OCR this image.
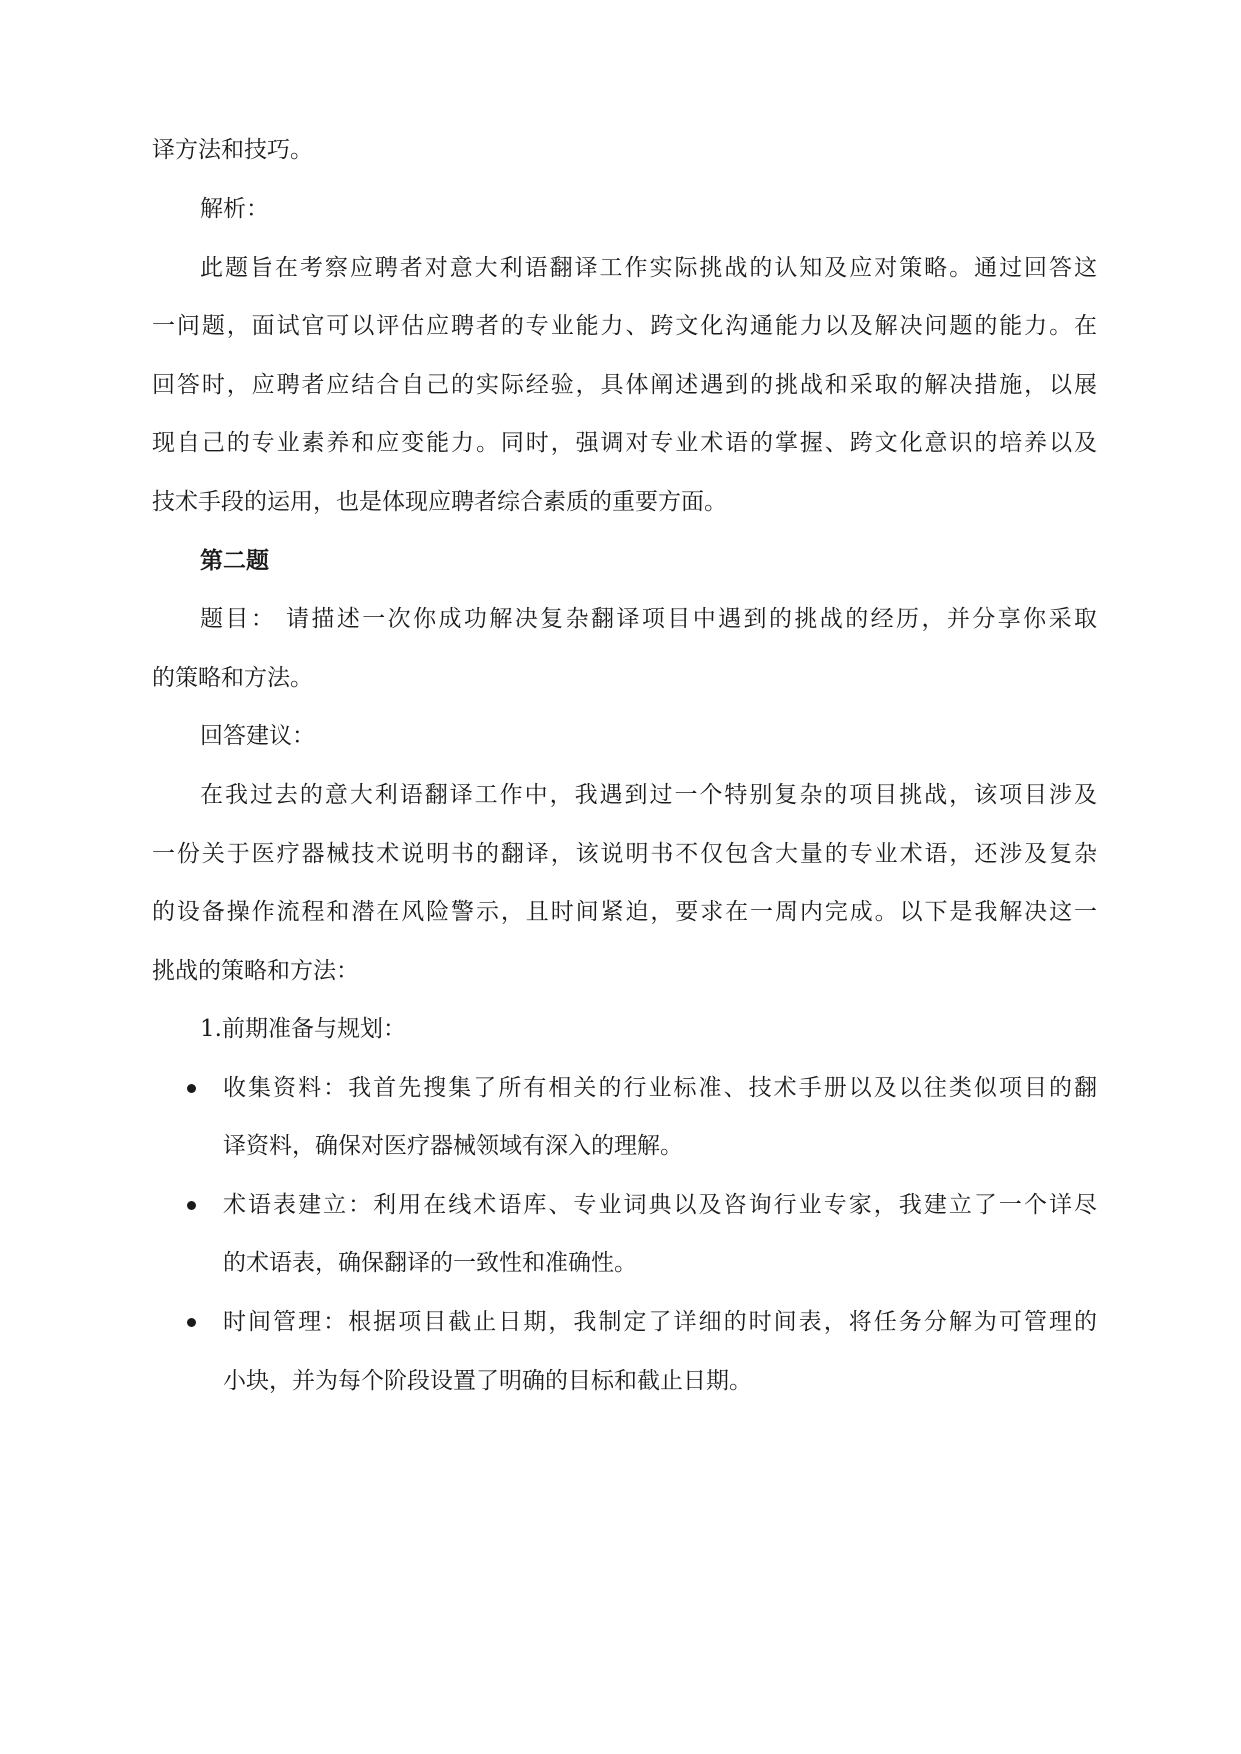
译方法和技巧。
解析：
此题旨在考察应聘者对意大利语翻译工作实际挑战的认知及应对策略。通过回答这
一问题，面试官可以评估应聘者的专业能力、跨文化沟通能力以及解决问题的能力。在
回答时，应聘者应结合自己的实际经验，具体阐述遇到的挑战和采取的解决措施，以展
现自己的专业素养和应变能力。同时，强调对专业术语的掌握、跨文化意识的培养以及
技术手段的运用，也是体现应聘者综合素质的重要方面。
第二题
题目： 请描述一次你成功解决复杂翻译项目中遇到的挑战的经历，并分享你采取
的策略和方法。
回答建议：
在我过去的意大利语翻译工作中，我遇到过一个特别复杂的项目挑战，该项目涉及
一份关于医疗器械技术说明书的翻译，该说明书不仅包含大量的专业术语，还涉及复杂
的设备操作流程和潜在风险警示，且时间紧迫，要求在一周内完成。以下是我解决这一
挑战的策略和方法：
1.前期准备与规划：
收集资料：我首先搜集了所有相关的行业标准、技术手册以及以往类似项目的翻
译资料，确保对医疗器械领域有深入的理解。
术语表建立：利用在线术语库、专业词典以及咨询行业专家，我建立了一个详尽
的术语表，确保翻译的一致性和准确性。
时间管理：根据项目截止日期，我制定了详细的时间表，将任务分解为可管理的
小块，并为每个阶段设置了明确的目标和截止日期。
